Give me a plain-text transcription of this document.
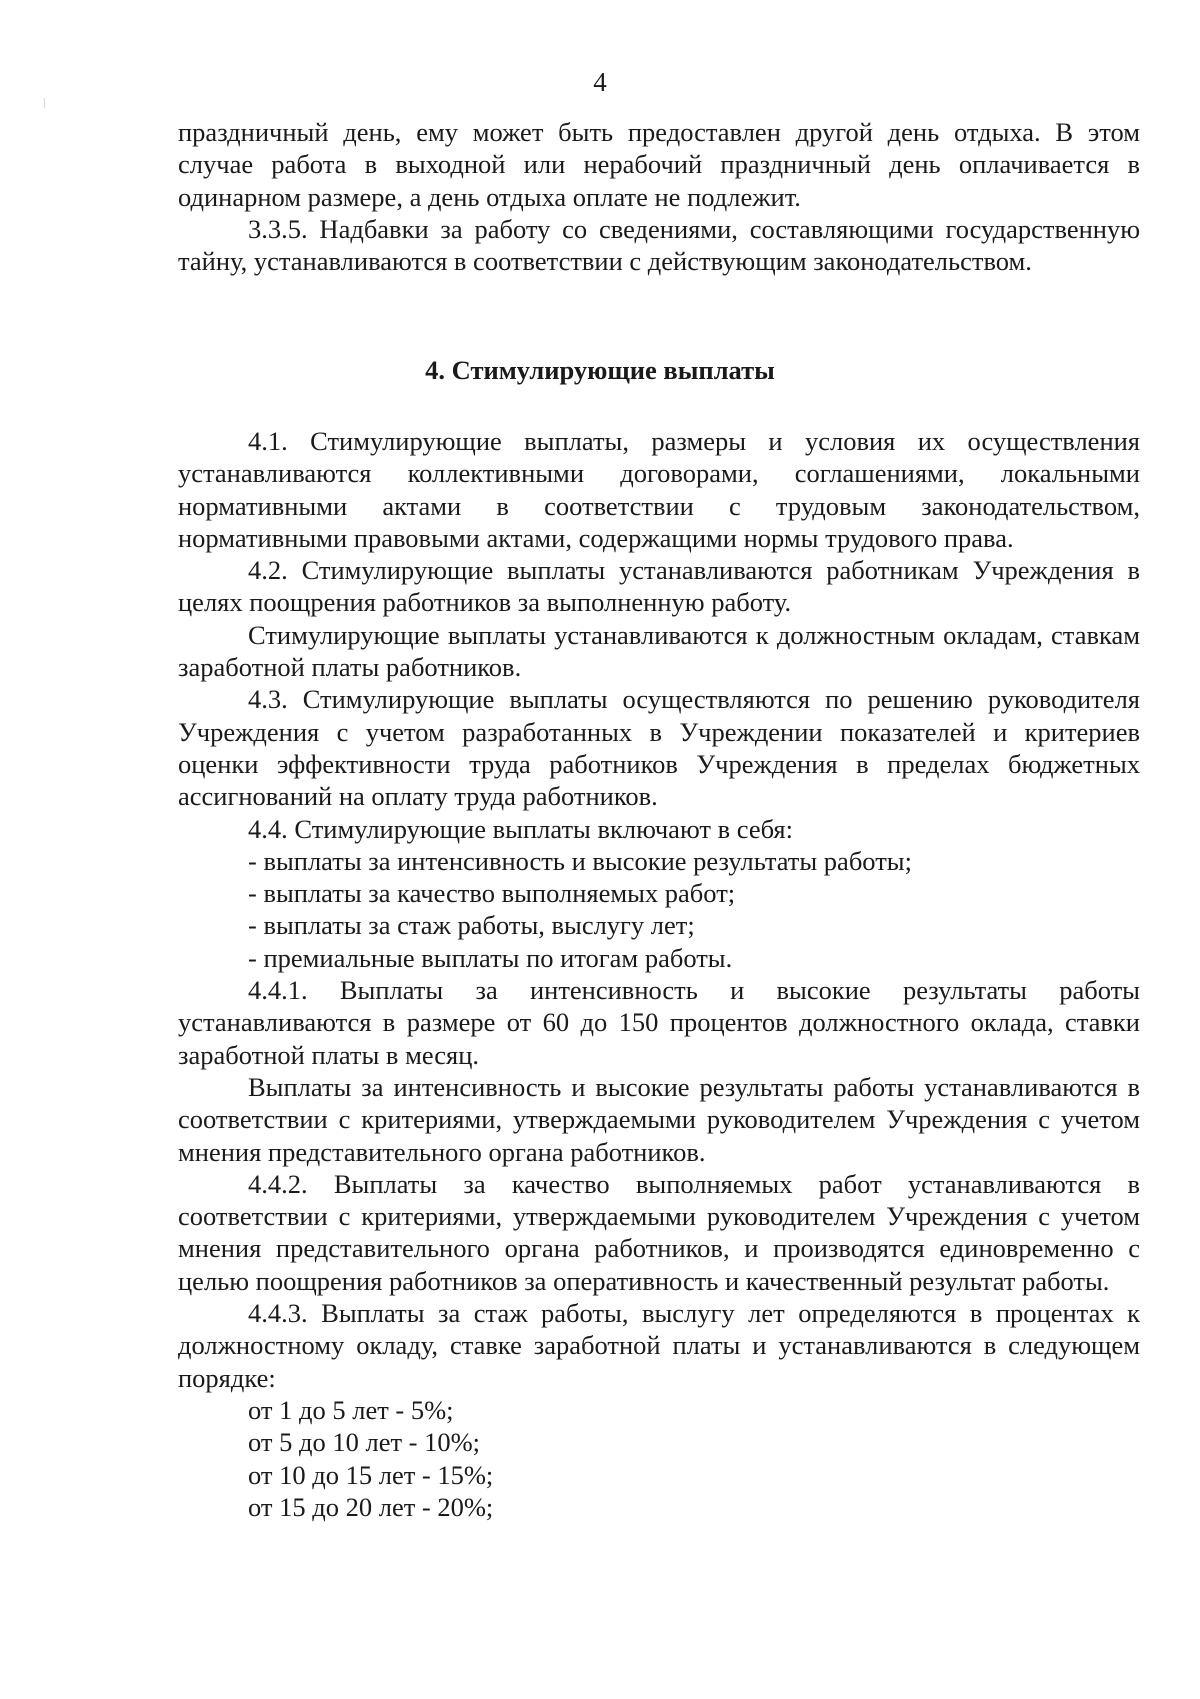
4

праздничный день, ему может быть предоставлен другой день отдыха. В этом случае работа в выходной или нерабочий праздничный день оплачивается в одинарном размере, а день отдыха оплате не подлежит.

3.3.5. Надбавки за работу со сведениями, составляющими государственную тайну, устанавливаются в соответствии с действующим законодательством.

4. Стимулирующие выплаты

4.1. Стимулирующие выплаты, размеры и условия их осуществления устанавливаются коллективными договорами, соглашениями, локальными нормативными актами в соответствии с трудовым законодательством, нормативными правовыми актами, содержащими нормы трудового права.

4.2. Стимулирующие выплаты устанавливаются работникам Учреждения в целях поощрения работников за выполненную работу.

Стимулирующие выплаты устанавливаются к должностным окладам, ставкам заработной платы работников.

4.3. Стимулирующие выплаты осуществляются по решению руководителя Учреждения с учетом разработанных в Учреждении показателей и критериев оценки эффективности труда работников Учреждения в пределах бюджетных ассигнований на оплату труда работников.

4.4. Стимулирующие выплаты включают в себя:

- выплаты за интенсивность и высокие результаты работы;

- выплаты за качество выполняемых работ;

- выплаты за стаж работы, выслугу лет;

- премиальные выплаты по итогам работы.

4.4.1. Выплаты за интенсивность и высокие результаты работы устанавливаются в размере от 60 до 150 процентов должностного оклада, ставки заработной платы в месяц.

Выплаты за интенсивность и высокие результаты работы устанавливаются в соответствии с критериями, утверждаемыми руководителем Учреждения с учетом мнения представительного органа работников.

4.4.2. Выплаты за качество выполняемых работ устанавливаются в соответствии с критериями, утверждаемыми руководителем Учреждения с учетом мнения представительного органа работников, и производятся единовременно с целью поощрения работников за оперативность и качественный результат работы.

4.4.3. Выплаты за стаж работы, выслугу лет определяются в процентах к должностному окладу, ставке заработной платы и устанавливаются в следующем порядке:

от 1 до 5 лет - 5%;

от 5 до 10 лет - 10%;

от 10 до 15 лет - 15%;

от 15 до 20 лет - 20%;
